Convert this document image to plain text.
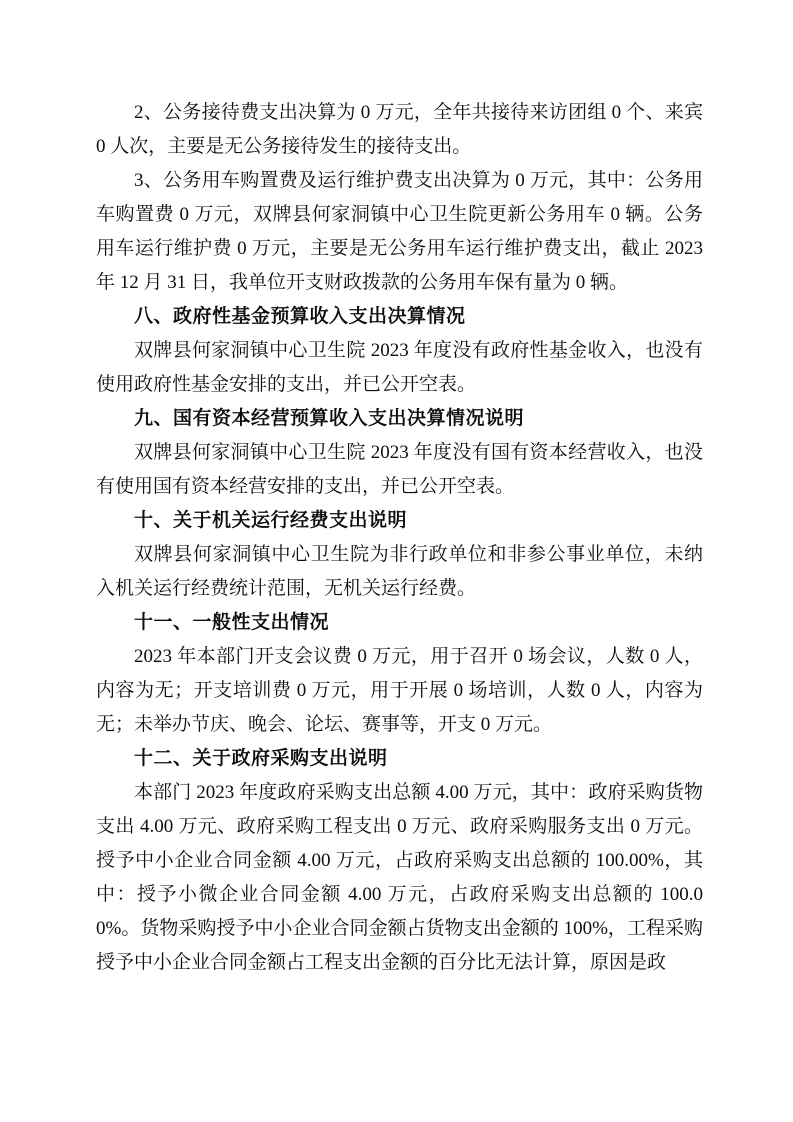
2、公务接待费支出决算为 0 万元，全年共接待来访团组 0 个、来宾 0 人次，主要是无公务接待发生的接待支出。

3、公务用车购置费及运行维护费支出决算为 0 万元，其中：公务用车购置费 0 万元，双牌县何家洞镇中心卫生院更新公务用车 0 辆。公务用车运行维护费 0 万元，主要是无公务用车运行维护费支出，截止 2023 年 12 月 31 日，我单位开支财政拨款的公务用车保有量为 0 辆。

八、政府性基金预算收入支出决算情况

双牌县何家洞镇中心卫生院 2023 年度没有政府性基金收入，也没有使用政府性基金安排的支出，并已公开空表。

九、国有资本经营预算收入支出决算情况说明

双牌县何家洞镇中心卫生院 2023 年度没有国有资本经营收入，也没有使用国有资本经营安排的支出，并已公开空表。

十、关于机关运行经费支出说明

双牌县何家洞镇中心卫生院为非行政单位和非参公事业单位，未纳入机关运行经费统计范围，无机关运行经费。

十一、一般性支出情况

2023 年本部门开支会议费 0 万元，用于召开 0 场会议，人数 0 人，内容为无；开支培训费 0 万元，用于开展 0 场培训，人数 0 人，内容为无；未举办节庆、晚会、论坛、赛事等，开支 0 万元。

十二、关于政府采购支出说明

本部门 2023 年度政府采购支出总额 4.00 万元，其中：政府采购货物支出 4.00 万元、政府采购工程支出 0 万元、政府采购服务支出 0 万元。授予中小企业合同金额 4.00 万元，占政府采购支出总额的 100.00%，其中：授予小微企业合同金额 4.00 万元，占政府采购支出总额的 100.00%。货物采购授予中小企业合同金额占货物支出金额的 100%，工程采购授予中小企业合同金额占工程支出金额的百分比无法计算，原因是政
